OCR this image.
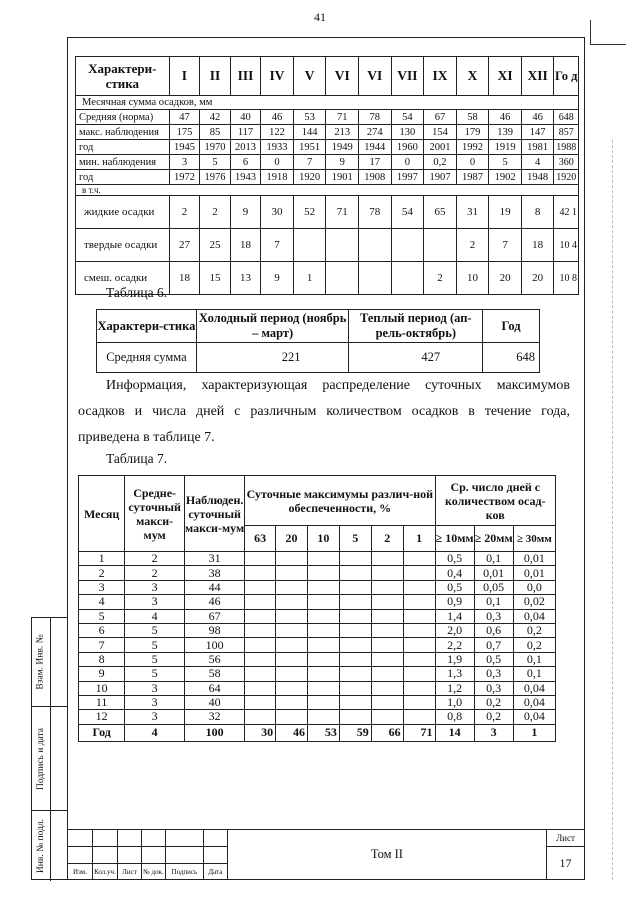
41
Взам. Инв. №
Подпись и дата
Инв. № подл.
Характери-стика	I	II	III	IV	V	VI	VI	VII	IX	X	XI	XII	Го д
Месячная сумма осадков, мм													
Средняя (норма)	47	42	40	46	53	71	78	54	67	58	46	46	648
макс. наблюдения	175	85	117	122	144	213	274	130	154	179	139	147	857
год	1945	1970	2013	1933	1951	1949	1944	1960	2001	1992	1919	1981	1988
мин. наблюдения	3	5	6	0	7	9	17	0	0,2	0	5	4	360
год	1972	1976	1943	1918	1920	1901	1908	1997	1907	1987	1902	1948	1920
в т.ч.													
жидкие осадки	2	2	9	30	52	71	78	54	65	31	19	8	42 1
твердые осадки	27	25	18	7						2	7	18	10 4
смеш. осадки	18	15	13	9	1				2	10	20	20	10 8
Таблица 6.
Характери-стика	Холодный период (ноябрь – март)	Теплый период (ап-рель-октябрь)	Год
Средняя сумма	221	427	648
Информация, характеризующая распределение суточных максимумов осадков и числа дней с различным количеством осадков в течение года, приведена в таблице 7.
Таблица 7.
Месяц	Средне-суточный макси-мум	Наблюден. суточный макси-мум	Суточные максимумы различ-ной обеспеченности, %						Ср. число дней с количеством осад-ков		
			63	20	10	5	2	1	≥ 10мм	≥ 20мм	≥ 30мм
1	2	31							0,5	0,1	0,01
2	2	38							0,4	0,01	0,01
3	3	44							0,5	0,05	0,0
4	3	46							0,9	0,1	0,02
5	4	67							1,4	0,3	0,04
6	5	98							2,0	0,6	0,2
7	5	100							2,2	0,7	0,2
8	5	56							1,9	0,5	0,1
9	5	58							1,3	0,3	0,1
10	3	64							1,2	0,3	0,04
11	3	40							1,0	0,2	0,04
12	3	32							0,8	0,2	0,04
Год	4	100	30	46	53	59	66	71	14	3	1
						Том II	Лист
							17
Изм.	Кол.уч.	Лист	№ док.	Подпись	Дата		
